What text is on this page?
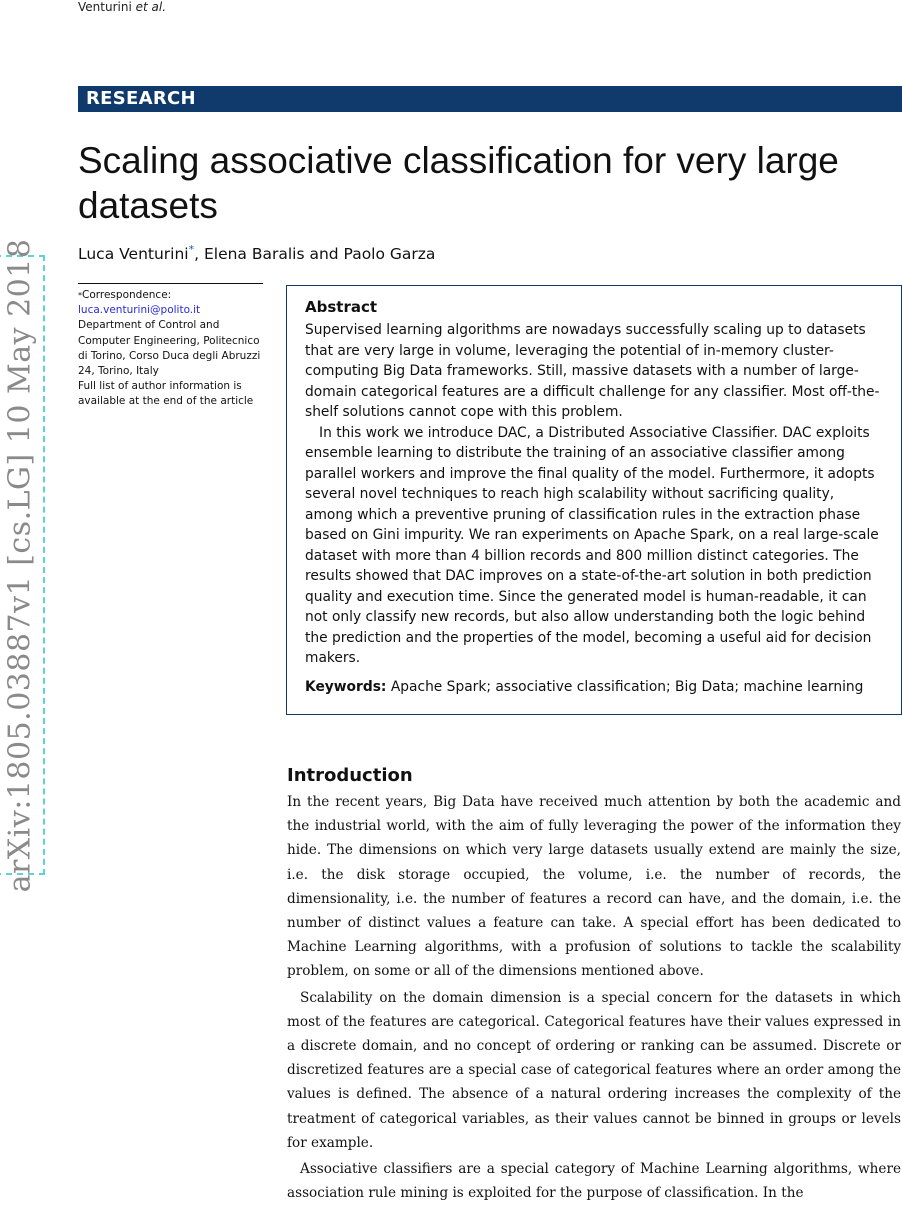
Venturini et al.
arXiv:1805.03887v1 [cs.LG] 10 May 2018
RESEARCH
Scaling associative classification for very large datasets
Luca Venturini*, Elena Baralis and Paolo Garza
*Correspondence:
luca.venturini@polito.it
Department of Control and Computer Engineering, Politecnico di Torino, Corso Duca degli Abruzzi 24, Torino, Italy
Full list of author information is available at the end of the article
Abstract

Supervised learning algorithms are nowadays successfully scaling up to datasets that are very large in volume, leveraging the potential of in-memory cluster-computing Big Data frameworks. Still, massive datasets with a number of large-domain categorical features are a difficult challenge for any classifier. Most off-the-shelf solutions cannot cope with this problem.

In this work we introduce DAC, a Distributed Associative Classifier. DAC exploits ensemble learning to distribute the training of an associative classifier among parallel workers and improve the final quality of the model. Furthermore, it adopts several novel techniques to reach high scalability without sacrificing quality, among which a preventive pruning of classification rules in the extraction phase based on Gini impurity. We ran experiments on Apache Spark, on a real large-scale dataset with more than 4 billion records and 800 million distinct categories. The results showed that DAC improves on a state-of-the-art solution in both prediction quality and execution time. Since the generated model is human-readable, it can not only classify new records, but also allow understanding both the logic behind the prediction and the properties of the model, becoming a useful aid for decision makers.

Keywords: Apache Spark; associative classification; Big Data; machine learning
Introduction

In the recent years, Big Data have received much attention by both the academic and the industrial world, with the aim of fully leveraging the power of the information they hide. The dimensions on which very large datasets usually extend are mainly the size, i.e. the disk storage occupied, the volume, i.e. the number of records, the dimensionality, i.e. the number of features a record can have, and the domain, i.e. the number of distinct values a feature can take. A special effort has been dedicated to Machine Learning algorithms, with a profusion of solutions to tackle the scalability problem, on some or all of the dimensions mentioned above.

Scalability on the domain dimension is a special concern for the datasets in which most of the features are categorical. Categorical features have their values expressed in a discrete domain, and no concept of ordering or ranking can be assumed. Discrete or discretized features are a special case of categorical features where an order among the values is defined. The absence of a natural ordering increases the complexity of the treatment of categorical variables, as their values cannot be binned in groups or levels for example.

Associative classifiers are a special category of Machine Learning algorithms, where association rule mining is exploited for the purpose of classification. In the
